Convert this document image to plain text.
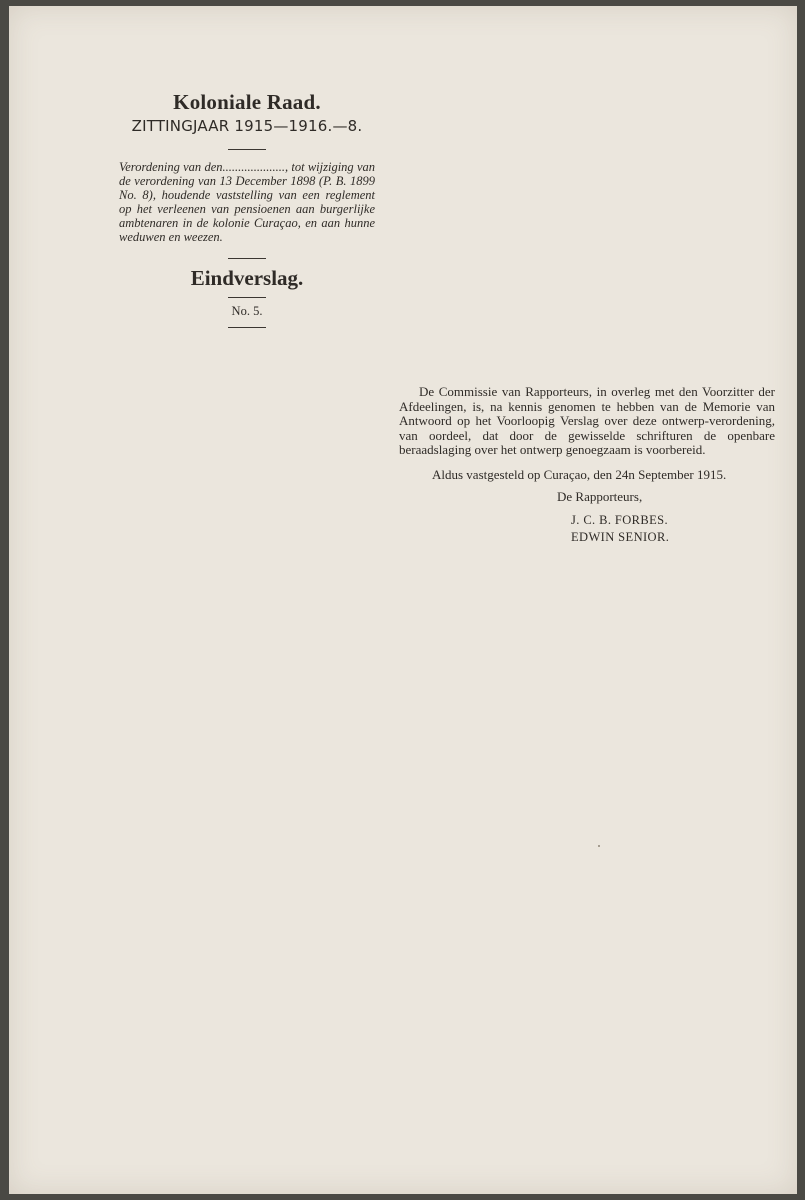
Koloniale Raad.
ZITTINGJAAR 1915—1916.—8.
Verordening van den...................., tot wijziging van de verordening van 13 December 1898 (P. B. 1899 No. 8), houdende vaststelling van een reglement op het verleenen van pensioenen aan burgerlijke ambtenaren in de kolonie Curaçao, en aan hunne weduwen en weezen.
Eindverslag.
No. 5.

De Commissie van Rapporteurs, in overleg met den Voorzitter der Afdeelingen, is, na kennis genomen te hebben van de Memorie van Antwoord op het Voorloopig Verslag over deze ontwerp-verordening, van oordeel, dat door de gewisselde schrifturen de openbare beraadslaging over het ontwerp genoegzaam is voorbereid.

Aldus vastgesteld op Curaçao, den 24n September 1915.
De Rapporteurs,
J. C. B. FORBES.
EDWIN SENIOR.
